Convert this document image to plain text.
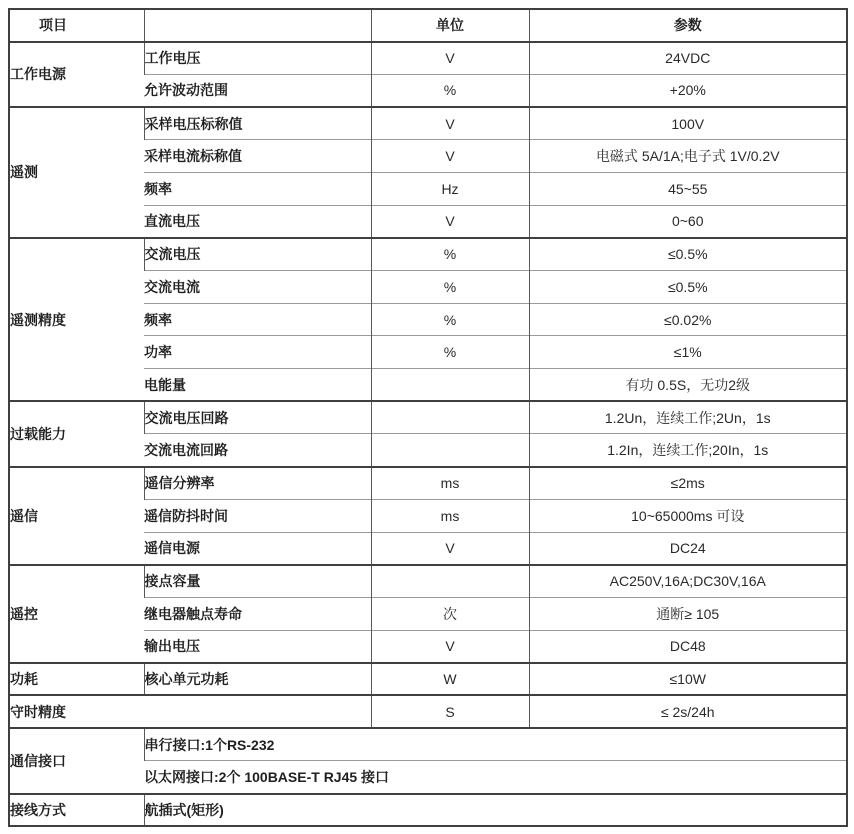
项目		单位	参数
工作电源	工作电压	V	24VDC
	允许波动范围	%	+20%
遥测	采样电压标称值	V	100V
	采样电流标称值	V	电磁式 5A/1A;电子式 1V/0.2V
	频率	Hz	45~55
	直流电压	V	0~60
遥测精度	交流电压	%	≤0.5%
	交流电流	%	≤0.5%
	频率	%	≤0.02%
	功率	%	≤1%
	电能量		有功 0.5S，无功2级
过载能力	交流电压回路		1.2Un，连续工作;2Un，1s
	交流电流回路		1.2In，连续工作;20In，1s
遥信	遥信分辨率	ms	≤2ms
	遥信防抖时间	ms	10~65000ms 可设
	遥信电源	V	DC24
遥控	接点容量		AC250V,16A;DC30V,16A
	继电器触点寿命	次	通断≥ 105
	输出电压	V	DC48
功耗	核心单元功耗	W	≤10W
守时精度		S	≤ 2s/24h
通信接口	串行接口:1个RS-232		
	以太网接口:2个 100BASE-T RJ45 接口		
接线方式	航插式(矩形)		
